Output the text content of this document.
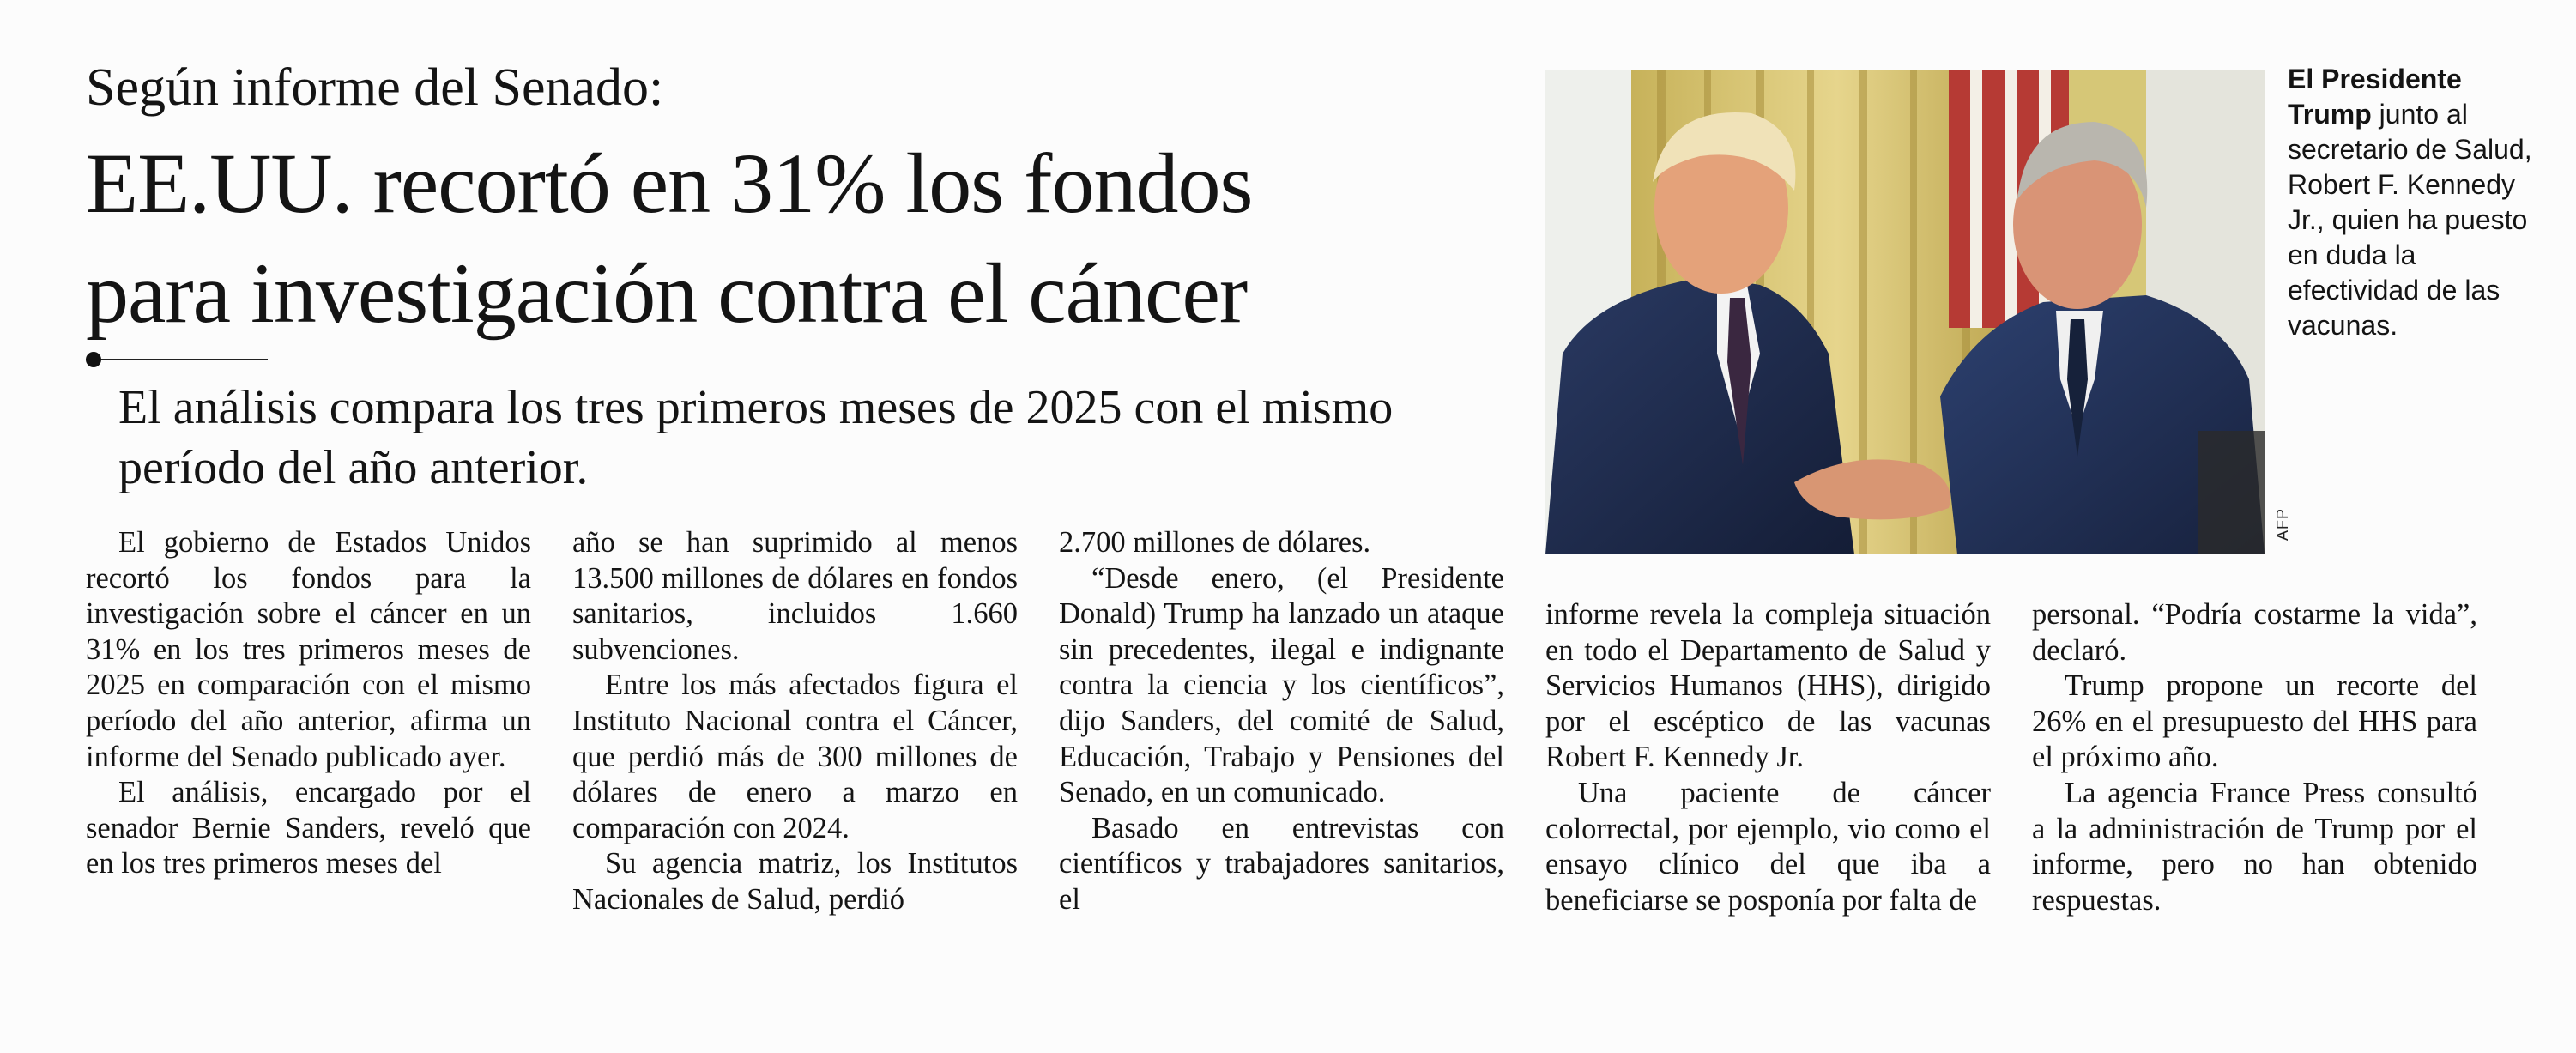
Según informe del Senado:
EE.UU. recortó en 31% los fondos
para investigación contra el cáncer
El análisis compara los tres primeros meses de 2025 con el mismo período del año anterior.

El gobierno de Estados Unidos recortó los fondos para la investigación sobre el cáncer en un 31% en los tres primeros meses de 2025 en comparación con el mismo período del año anterior, afirma un informe del Senado publicado ayer.

El análisis, encargado por el senador Bernie Sanders, reveló que en los tres primeros meses del

año se han suprimido al menos 13.500 millones de dólares en fondos sanitarios, incluidos 1.660 subvenciones.

Entre los más afectados figura el Instituto Nacional contra el Cáncer, que perdió más de 300 millones de dólares de enero a marzo en comparación con 2024.

Su agencia matriz, los Institutos Nacionales de Salud, perdió

2.700 millones de dólares.

“Desde enero, (el Presidente Donald) Trump ha lanzado un ataque sin precedentes, ilegal e indignante contra la ciencia y los científicos”, dijo Sanders, del comité de Salud, Educación, Trabajo y Pensiones del Senado, en un comunicado.

Basado en entrevistas con científicos y trabajadores sanitarios, el

informe revela la compleja situación en todo el Departamento de Salud y Servicios Humanos (HHS), dirigido por el escéptico de las vacunas Robert F. Kennedy Jr.

Una paciente de cáncer colorrectal, por ejemplo, vio como el ensayo clínico del que iba a beneficiarse se posponía por falta de

personal. “Podría costarme la vida”, declaró.

Trump propone un recorte del 26% en el presupuesto del HHS para el próximo año.

La agencia France Press consultó a la administración de Trump por el informe, pero no han obtenido respuestas.

AFP
El Presidente Trump junto al secretario de Salud, Robert F. Kennedy Jr., quien ha puesto en duda la efectividad de las vacunas.
